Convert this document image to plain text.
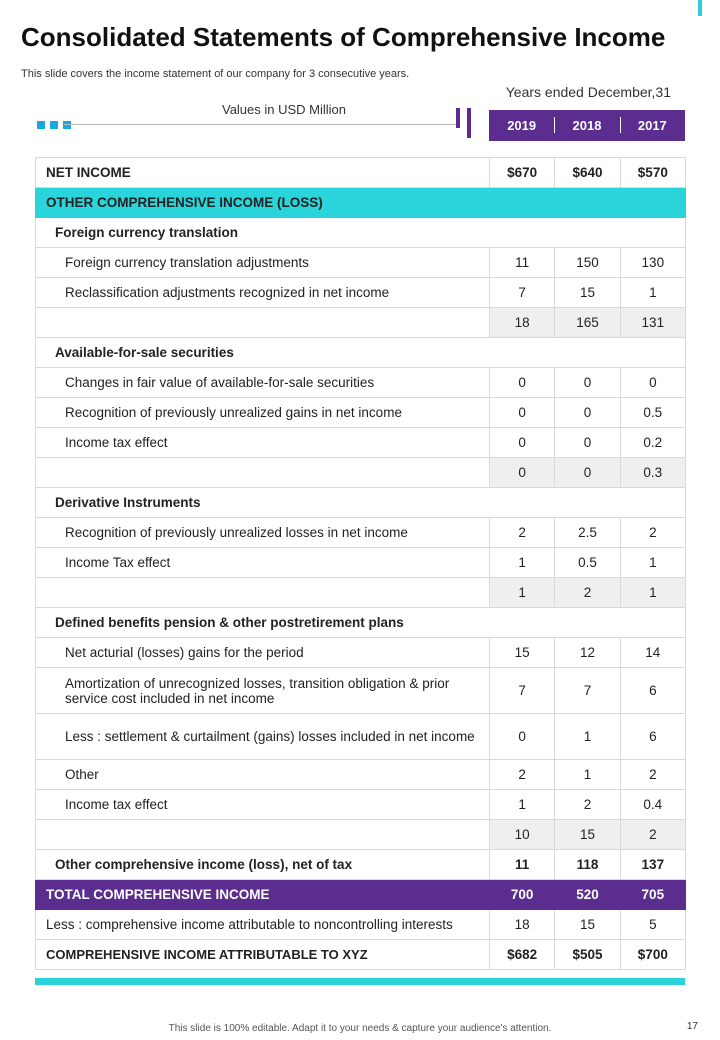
Consolidated Statements of Comprehensive Income

This slide covers the income statement of our company for 3 consecutive years.

Years ended December,31
Values in USD Million
2019	2018	2017
NET INCOME	$670	$640	$570
OTHER COMPREHENSIVE INCOME (LOSS)			
Foreign currency translation			
Foreign currency translation adjustments	11	150	130
Reclassification adjustments recognized in net income	7	15	1
	18	165	131
Available-for-sale securities			
Changes in fair value of available-for-sale securities	0	0	0
Recognition of previously unrealized gains in net income	0	0	0.5
Income tax effect	0	0	0.2
	0	0	0.3
Derivative Instruments			
Recognition of previously unrealized losses in net income	2	2.5	2
Income Tax effect	1	0.5	1
	1	2	1
Defined benefits pension & other postretirement plans			
Net acturial (losses) gains for the period	15	12	14
Amortization of unrecognized losses, transition obligation & prior service cost included in net income	7	7	6
Less : settlement & curtailment (gains) losses included in net income	0	1	6
Other	2	1	2
Income tax effect	1	2	0.4
	10	15	2
Other comprehensive income (loss), net of tax	11	118	137
TOTAL COMPREHENSIVE INCOME	700	520	705
Less : comprehensive income attributable to noncontrolling interests	18	15	5
COMPREHENSIVE INCOME ATTRIBUTABLE TO XYZ	$682	$505	$700
This slide is 100% editable. Adapt it to your needs & capture your audience's attention.	17
